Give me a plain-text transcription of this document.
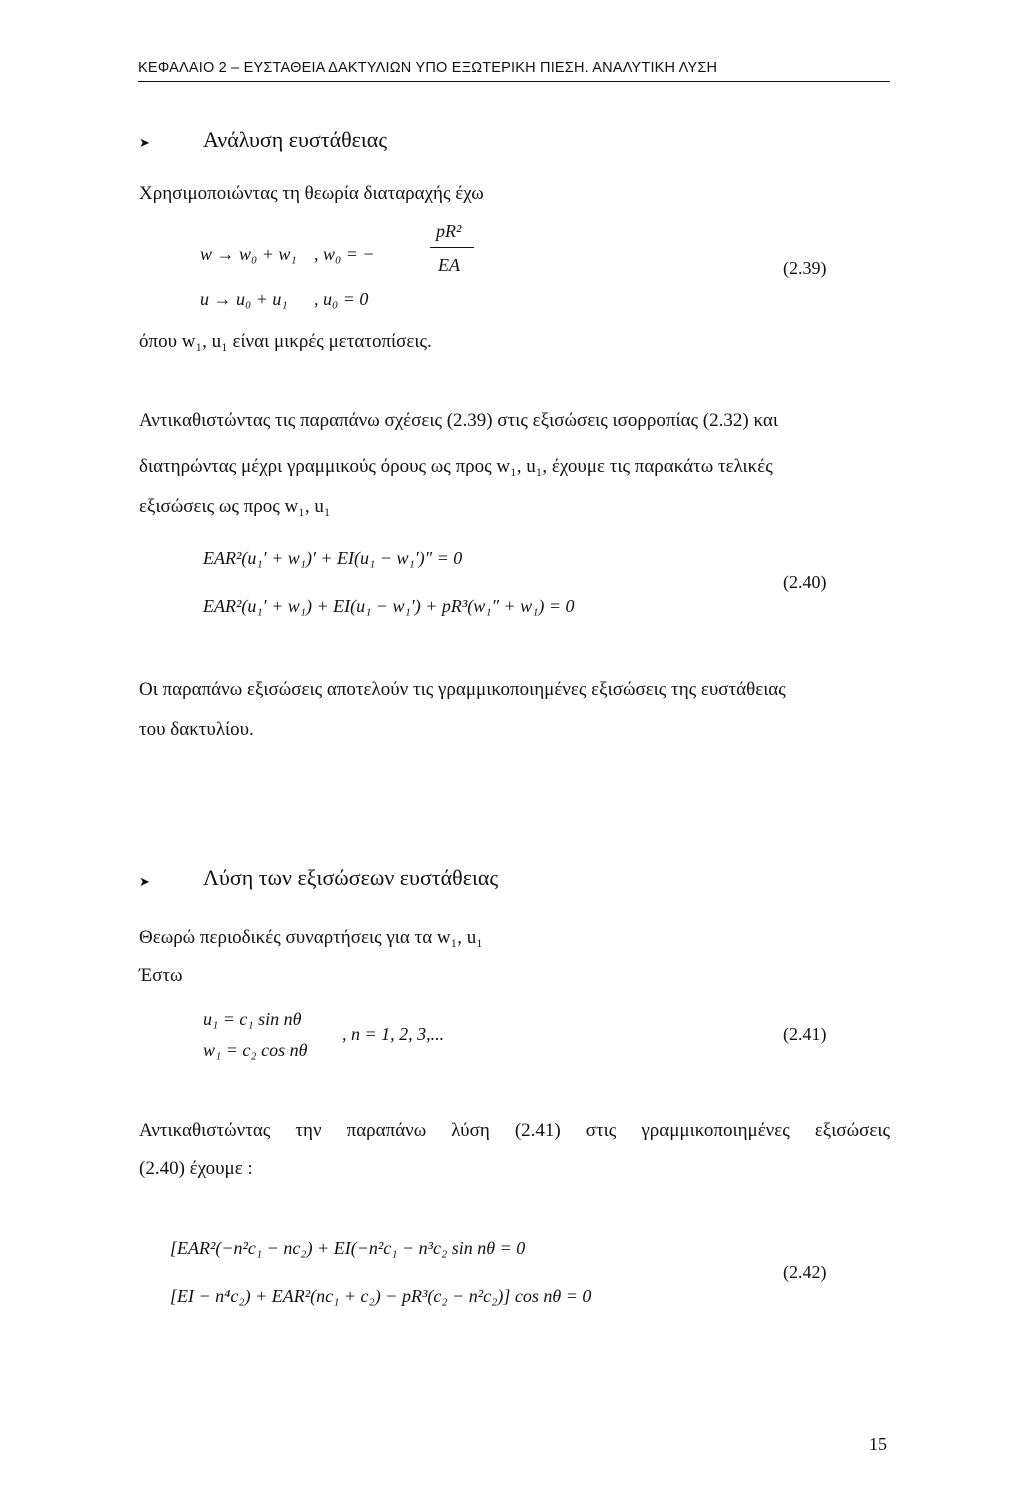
ΚΕΦΑΛΑΙΟ 2 – ΕΥΣΤΑΘΕΙΑ ΔΑΚΤΥΛΙΩΝ ΥΠΟ ΕΞΩΤΕΡΙΚΗ ΠΙΕΣΗ. ΑΝΑΛΥΤΙΚΗ ΛΥΣΗ
➤ Ανάλυση ευστάθειας
Χρησιμοποιώντας τη θεωρία διαταραχής έχω
w → w₀ + w₁ , w₀ = −
pR²
EA
u → u₀ + u₁ , u₀ = 0
(2.39)
όπου w₁, u₁ είναι μικρές μετατοπίσεις.
Αντικαθιστώντας τις παραπάνω σχέσεις (2.39) στις εξισώσεις ισορροπίας (2.32) και
διατηρώντας μέχρι γραμμικούς όρους ως προς w₁, u₁, έχουμε τις παρακάτω τελικές
εξισώσεις ως προς w₁, u₁
EAR²(u₁′ + w₁)′ + EI(u₁ − w₁′)″ = 0
EAR²(u₁′ + w₁) + EI(u₁ − w₁′) + pR³(w₁″ + w₁) = 0
(2.40)
Οι παραπάνω εξισώσεις αποτελούν τις γραμμικοποιημένες εξισώσεις της ευστάθειας
του δακτυλίου.
➤ Λύση των εξισώσεων ευστάθειας
Θεωρώ περιοδικές συναρτήσεις για τα w₁, u₁
Έστω
u₁ = c₁ sin nθ
w₁ = c₂ cos nθ
, n = 1, 2, 3,...	(2.41)
Αντικαθιστώντας την παραπάνω λύση (2.41) στις γραμμικοποιημένες εξισώσεις
(2.40) έχουμε :
[EAR²(−n²c₁ − nc₂) + EI(−n²c₁ − n³c₂ sin nθ = 0
[EI − n⁴c₂) + EAR²(nc₁ + c₂) − pR³(c₂ − n²c₂)] cos nθ = 0
(2.42)
15
